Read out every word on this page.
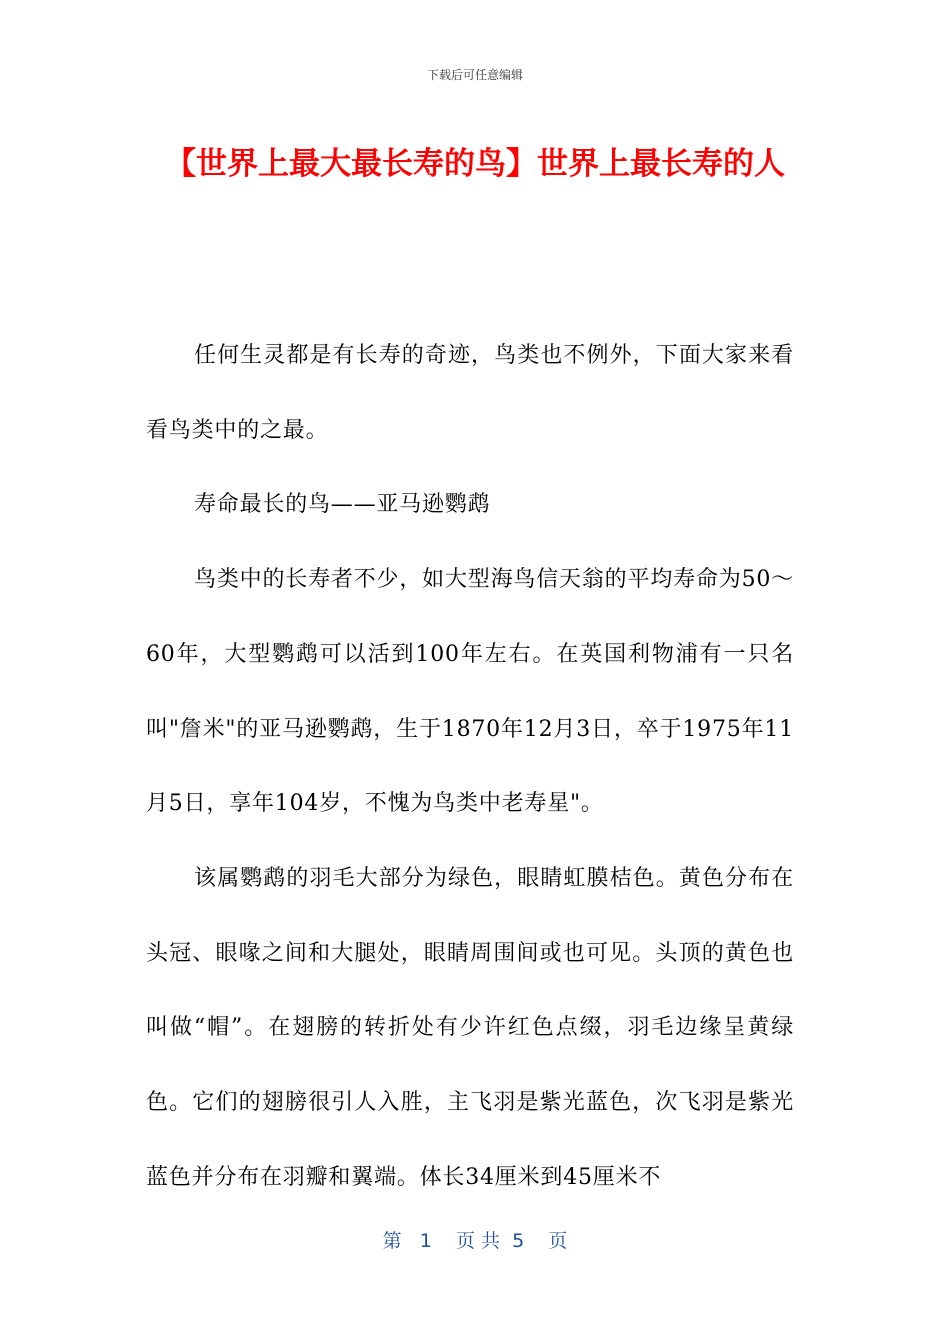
下载后可任意编辑
【世界上最大最长寿的鸟】世界上最长寿的人

任何生灵都是有长寿的奇迹，鸟类也不例外，下面大家来看看鸟类中的之最。

寿命最长的鸟——亚马逊鹦鹉

鸟类中的长寿者不少，如大型海鸟信天翁的平均寿命为50～60年，大型鹦鹉可以活到100年左右。在英国利物浦有一只名叫"詹米"的亚马逊鹦鹉，生于1870年12月3日，卒于1975年11月5日，享年104岁，不愧为鸟类中老寿星"。

该属鹦鹉的羽毛大部分为绿色，眼睛虹膜桔色。黄色分布在头冠、眼喙之间和大腿处，眼睛周围间或也可见。头顶的黄色也叫做“帽”。在翅膀的转折处有少许红色点缀，羽毛边缘呈黄绿色。它们的翅膀很引人入胜，主飞羽是紫光蓝色，次飞羽是紫光蓝色并分布在羽瓣和翼端。体长34厘米到45厘米不

第   1    页 共  5    页
